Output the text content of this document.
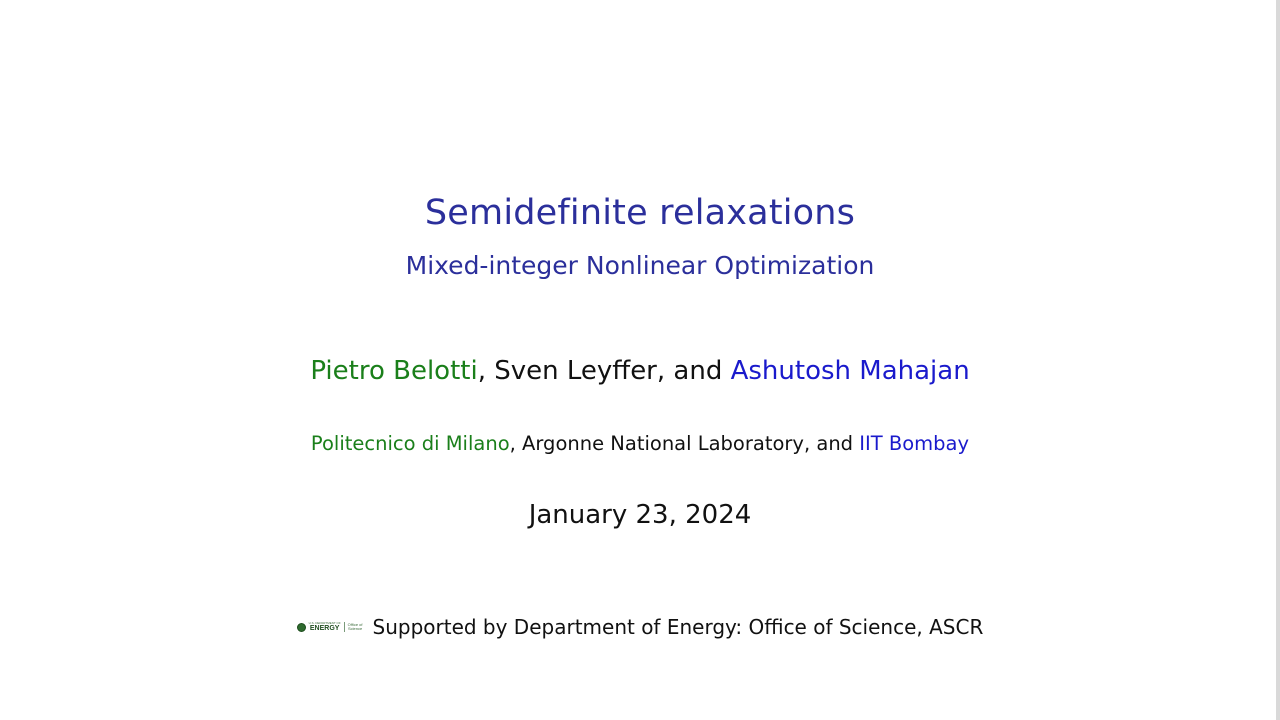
Semidefinite relaxations
Mixed-integer Nonlinear Optimization
Pietro Belotti, Sven Leyffer, and Ashutosh Mahajan
Politecnico di Milano, Argonne National Laboratory, and IIT Bombay
January 23, 2024
U.S. DEPARTMENT OF
ENERGY
Office of
Science Supported by Department of Energy: Office of Science, ASCR
